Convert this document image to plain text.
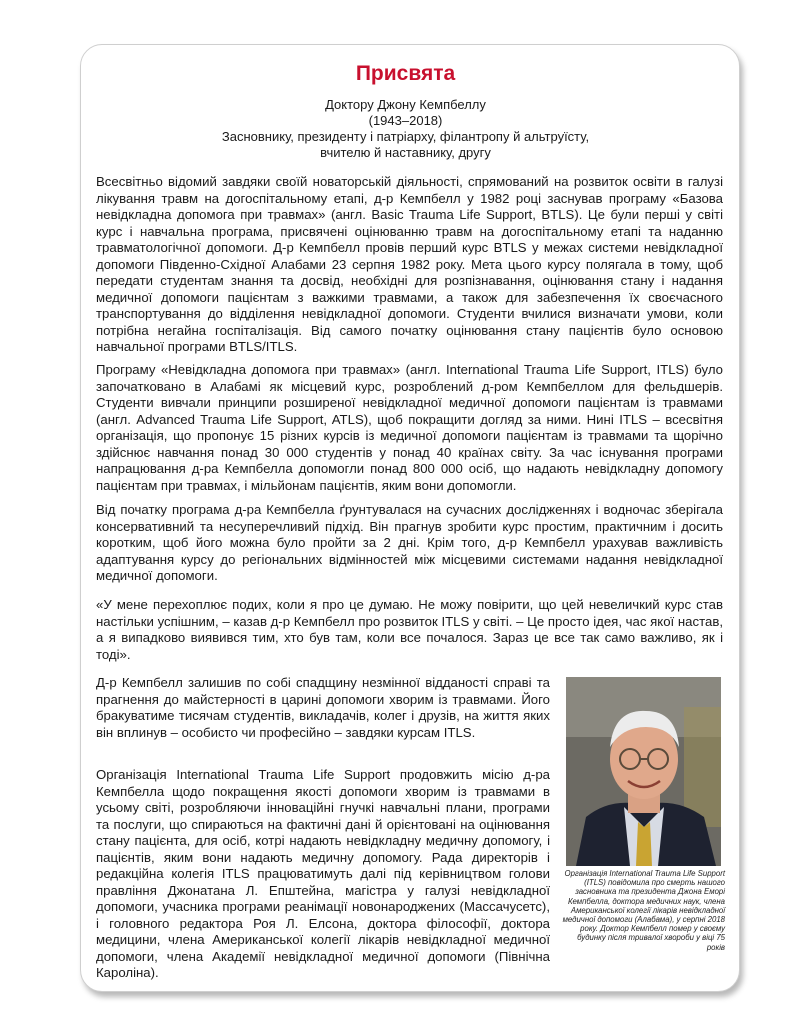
Присвята
Доктору Джону Кемпбеллу
(1943–2018)
Засновнику, президенту і патріарху, філантропу й альтруїсту,
вчителю й наставнику, другу

Всесвітньо відомий завдяки своїй новаторській діяльності, спрямований на розвиток освіти в галузі лікування травм на догоспітальному етапі, д-р Кемпбелл у 1982 році заснував програму «Базова невідкладна допомога при травмах» (англ. Basic Trauma Life Support, BTLS). Це були перші у світі курс і навчальна програма, присвячені оцінюванню травм на догоспітальному етапі та наданню травматологічної допомоги. Д-р Кемпбелл провів перший курс BTLS у межах системи невідкладної допомоги Південно-Східної Алабами 23 серпня 1982 року. Мета цього курсу полягала в тому, щоб передати студентам знання та досвід, необхідні для розпізнавання, оцінювання стану і надання медичної допомоги пацієнтам з важкими травмами, а також для забезпечення їх своєчасного транспортування до відділення невідкладної допомоги. Студенти вчилися визначати умови, коли потрібна негайна госпіталізація. Від самого початку оцінювання стану пацієнтів було основою навчальної програми BTLS/ITLS.

Програму «Невідкладна допомога при травмах» (англ. International Trauma Life Support, ITLS) було започатковано в Алабамі як місцевий курс, розроблений д-ром Кемпбеллом для фельдшерів. Студенти вивчали принципи розширеної невідкладної медичної допомоги пацієнтам із травмами (англ. Advanced Trauma Life Support, ATLS), щоб покращити догляд за ними. Нині ITLS – всесвітня організація, що пропонує 15 різних курсів із медичної допомоги пацієнтам із травмами та щорічно здійснює навчання понад 30 000 студентів у понад 40 країнах світу. За час існування програми напрацювання д-ра Кемпбелла допомогли понад 800 000 осіб, що надають невідкладну допомогу пацієнтам при травмах, і мільйонам пацієнтів, яким вони допомогли.

Від початку програма д-ра Кемпбелла ґрунтувалася на сучасних дослідженнях і водночас зберігала консервативний та несуперечливий підхід. Він прагнув зробити курс простим, практичним і досить коротким, щоб його можна було пройти за 2 дні. Крім того, д-р Кемпбелл урахував важливість адаптування курсу до регіональних відмінностей між місцевими системами надання невідкладної медичної допомоги.

«У мене перехоплює подих, коли я про це думаю. Не можу повірити, що цей невеличкий курс став настільки успішним, – казав д-р Кемпбелл про розвиток ITLS у світі. – Це просто ідея, час якої настав, а я випадково виявився тим, хто був там, коли все почалося. Зараз це все так само важливо, як і тоді».

Д-р Кемпбелл залишив по собі спадщину незмінної відданості справі та прагнення до майстерності в царині допомоги хворим із травмами. Його бракуватиме тисячам студентів, викладачів, колег і друзів, на життя яких він вплинув – особисто чи професійно – завдяки курсам ITLS.

Організація International Trauma Life Support продовжить місію д-ра Кемпбелла щодо покращення якості допомоги хворим із травмами в усьому світі, розробляючи інноваційні гнучкі навчальні плани, програми та послуги, що спираються на фактичні дані й орієнтовані на оцінювання стану пацієнта, для осіб, котрі надають невідкладну медичну допомогу, і пацієнтів, яким вони надають медичну допомогу. Рада директорів і редакційна колегія ITLS працюватимуть далі під керівництвом голови правління Джонатана Л. Епштейна, магістра у галузі невідкладної допомоги, учасника програми реанімації новонароджених (Массачусетс), і головного редактора Роя Л. Елсона, доктора філософії, доктора медицини, члена Американської колегії лікарів невідкладної медичної допомоги, члена Академії невідкладної медичної допомоги (Північна Кароліна).

Організація International Trauma Life Support (ITLS) повідомила про смерть нашого засновника та президента Джона Еморі Кемпбелла, доктора медичних наук, члена Американської колегії лікарів невідкладної медичної допомоги (Алабама), у серпні 2018 року. Доктор Кемпбелл помер у своєму будинку після тривалої хвороби у віці 75 років
